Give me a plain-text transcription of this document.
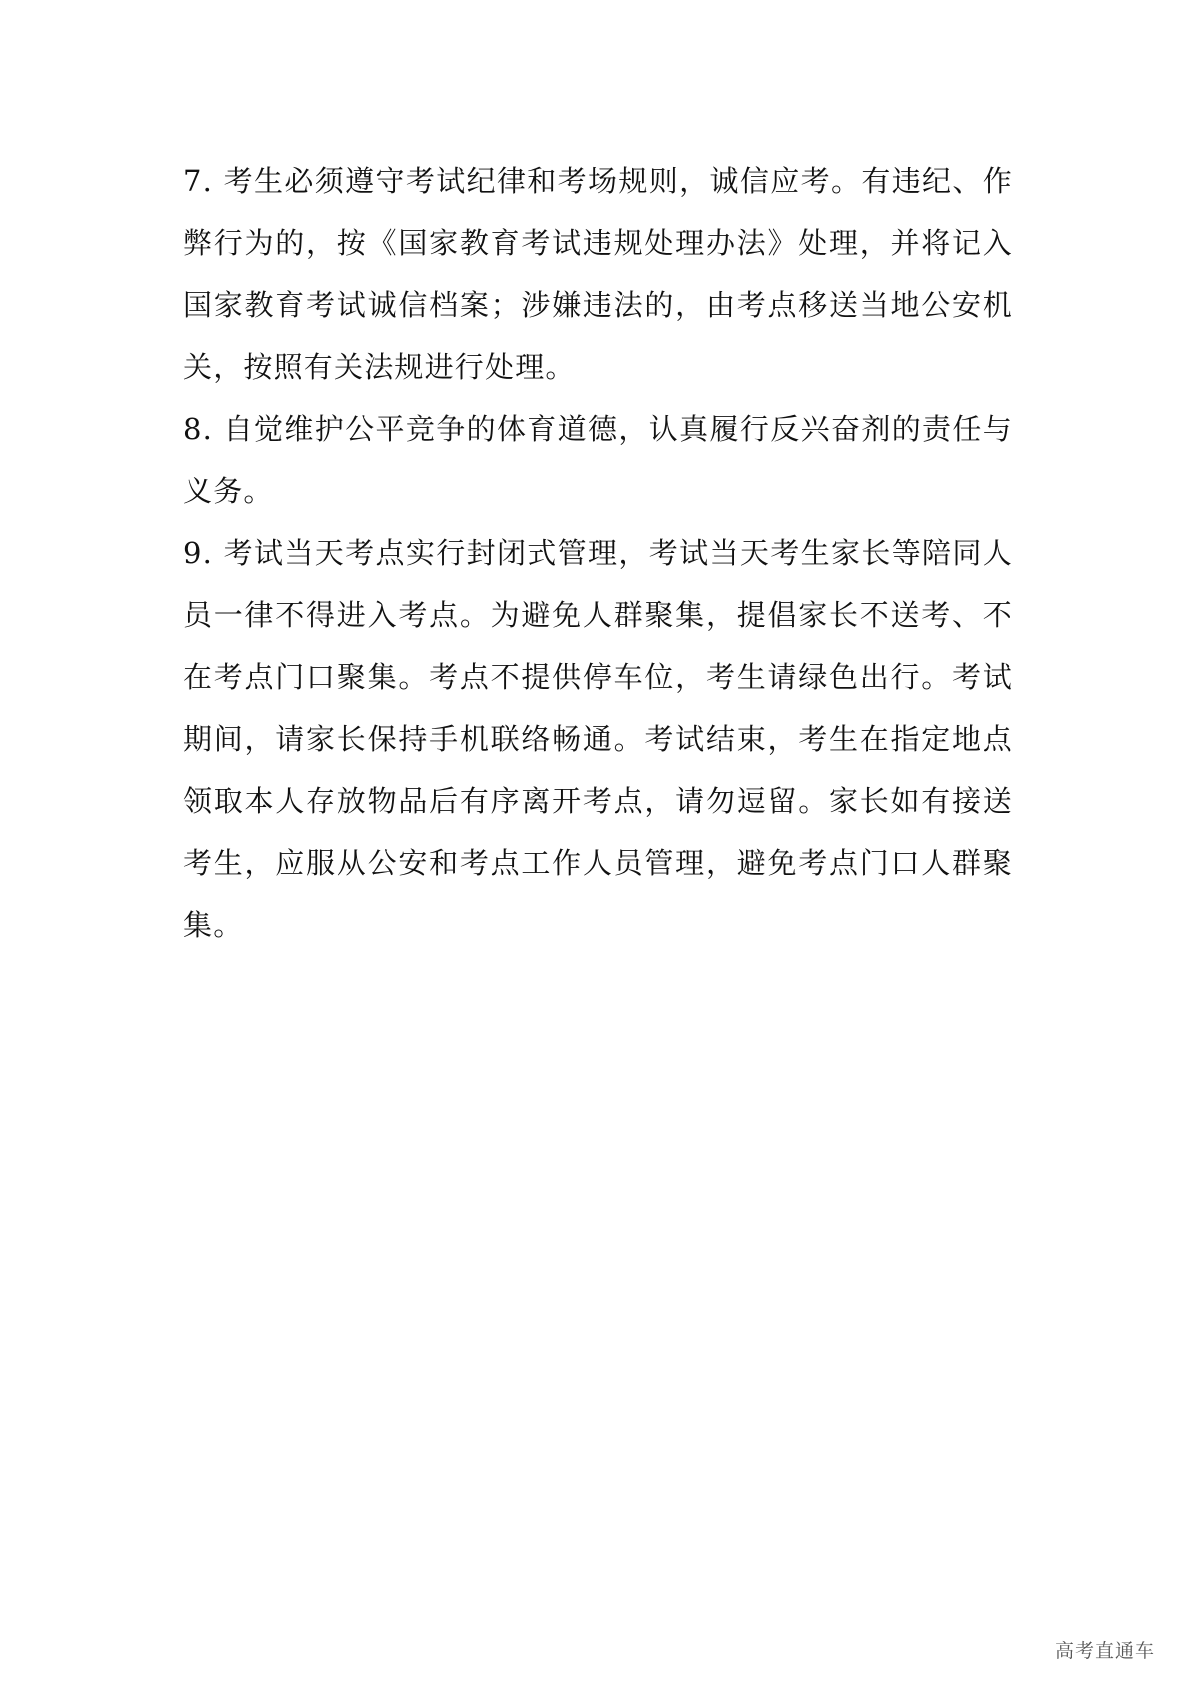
7. 考生必须遵守考试纪律和考场规则，诚信应考。有违纪、作弊行为的，按《国家教育考试违规处理办法》处理，并将记入国家教育考试诚信档案；涉嫌违法的，由考点移送当地公安机关，按照有关法规进行处理。

8. 自觉维护公平竞争的体育道德，认真履行反兴奋剂的责任与义务。

9. 考试当天考点实行封闭式管理，考试当天考生家长等陪同人员一律不得进入考点。为避免人群聚集，提倡家长不送考、不在考点门口聚集。考点不提供停车位，考生请绿色出行。考试期间，请家长保持手机联络畅通。考试结束，考生在指定地点领取本人存放物品后有序离开考点，请勿逗留。家长如有接送考生，应服从公安和考点工作人员管理，避免考点门口人群聚集。

高考直通车
